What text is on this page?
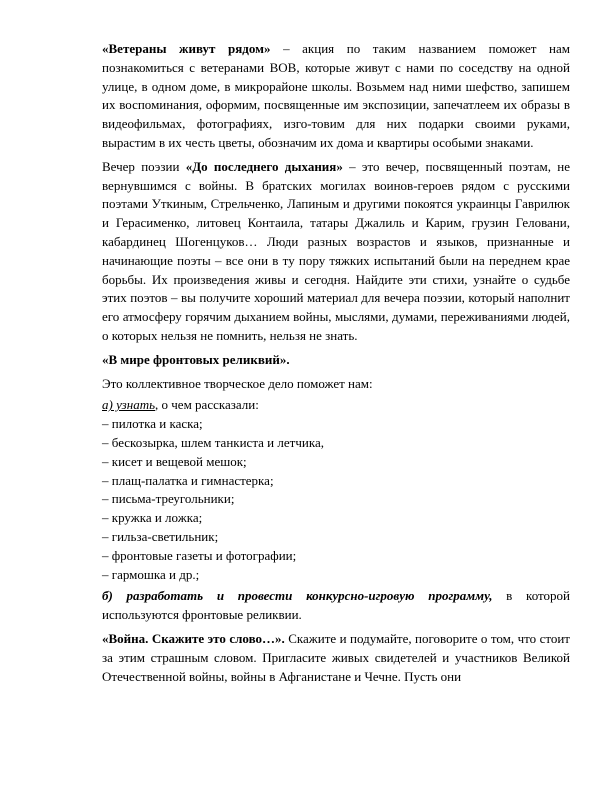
«Ветераны живут рядом» – акция по таким названием поможет нам познакомиться с ветеранами ВОВ, которые живут с нами по соседству на одной улице, в одном доме, в микрорайоне школы. Возьмем над ними шефство, запишем их воспоминания, оформим, посвященные им экспозиции, запечатлеем их образы в видеофильмах, фотографиях, изго-товим для них подарки своими руками, вырастим в их честь цветы, обозначим их дома и квартиры особыми знаками.

Вечер поэзии «До последнего дыхания» – это вечер, посвященный поэтам, не вернувшимся с войны. В братских могилах воинов-героев рядом с русскими поэтами Уткиным, Стрельченко, Лапиным и другими покоятся украинцы Гаврилюк и Герасименко, литовец Контаила, татары Джалиль и Карим, грузин Геловани, кабардинец Шогенцуков… Люди разных возрастов и языков, признанные и начинающие поэты – все они в ту пору тяжких испытаний были на переднем крае борьбы. Их произведения живы и сегодня. Найдите эти стихи, узнайте о судьбе этих поэтов – вы получите хороший материал для вечера поэзии, который наполнит его атмосферу горячим дыханием войны, мыслями, думами, переживаниями людей, о которых нельзя не помнить, нельзя не знать.

«В мире фронтовых реликвий».

Это коллективное творческое дело поможет нам:

а) узнать, о чем рассказали:

– пилотка и каска;
– бескозырка, шлем танкиста и летчика,
– кисет и вещевой мешок;
– плащ-палатка и гимнастерка;
– письма-треугольники;
– кружка и ложка;
– гильза-светильник;
– фронтовые газеты и фотографии;
– гармошка и др.;

б) разработать и провести конкурсно-игровую программу, в которой используются фронтовые реликвии.

«Война. Скажите это слово…». Скажите и подумайте, поговорите о том, что стоит за этим страшным словом. Пригласите живых свидетелей и участников Великой Отечественной войны, войны в Афганистане и Чечне. Пусть они
